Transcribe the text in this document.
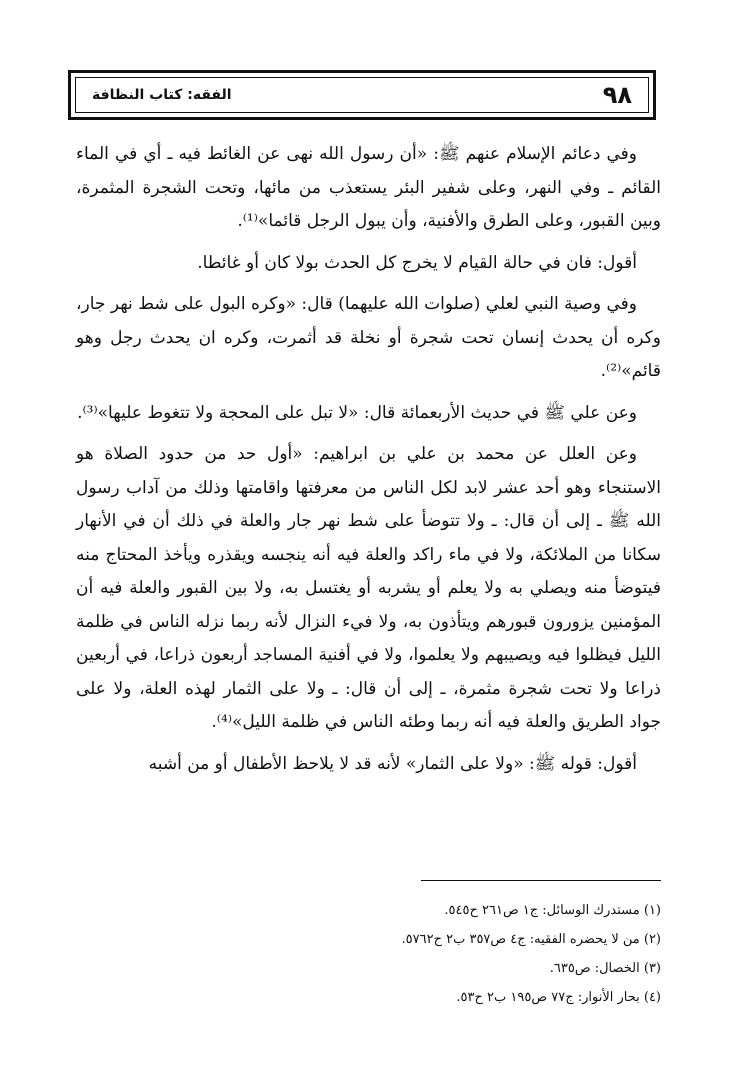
٩٨
الفقه: كتاب النظافة

وفي دعائم الإسلام عنهم ﷺ: «أن رسول الله نهى عن الغائط فيه ـ أي في الماء القائم ـ وفي النهر، وعلى شفير البئر يستعذب من مائها، وتحت الشجرة المثمرة، وبين القبور، وعلى الطرق والأفنية، وأن يبول الرجل قائما»⁽¹⁾.

أقول: فان في حالة القيام لا يخرج كل الحدث بولا كان أو غائطا.

وفي وصية النبي لعلي (صلوات الله عليهما) قال: «وكره البول على شط نهر جار، وكره أن يحدث إنسان تحت شجرة أو نخلة قد أثمرت، وكره ان يحدث رجل وهو قائم»⁽²⁾.

وعن علي ﷺ في حديث الأربعمائة قال: «لا تبل على المحجة ولا تتغوط عليها»⁽³⁾.

وعن العلل عن محمد بن علي بن ابراهيم: «أول حد من حدود الصلاة هو الاستنجاء وهو أحد عشر لابد لكل الناس من معرفتها واقامتها وذلك من آداب رسول الله ﷺ ـ إلى أن قال: ـ ولا تتوضأ على شط نهر جار والعلة في ذلك أن في الأنهار سكانا من الملائكة، ولا في ماء راكد والعلة فيه أنه ينجسه ويقذره ويأخذ المحتاج منه فيتوضأ منه ويصلي به ولا يعلم أو يشربه أو يغتسل به، ولا بين القبور والعلة فيه أن المؤمنين يزورون قبورهم ويتأذون به، ولا فيء النزال لأنه ربما نزله الناس في ظلمة الليل فيظلوا فيه ويصيبهم ولا يعلموا، ولا في أفنية المساجد أربعون ذراعا، في أربعين ذراعا ولا تحت شجرة مثمرة، ـ إلى أن قال: ـ ولا على الثمار لهذه العلة، ولا على جواد الطريق والعلة فيه أنه ربما وطئه الناس في ظلمة الليل»⁽⁴⁾.

أقول: قوله ﷺ: «ولا على الثمار» لأنه قد لا يلاحظ الأطفال أو من أشبه

(١) مستدرك الوسائل: ج١ ص٢٦١ ح٥٤٥.
(٢) من لا يحضره الفقيه: ج٤ ص٣٥٧ ب٢ ح٥٧٦٢.
(٣) الخصال: ص٦٣٥.
(٤) بحار الأنوار: ج٧٧ ص١٩٥ ب٢ ح٥٣.
